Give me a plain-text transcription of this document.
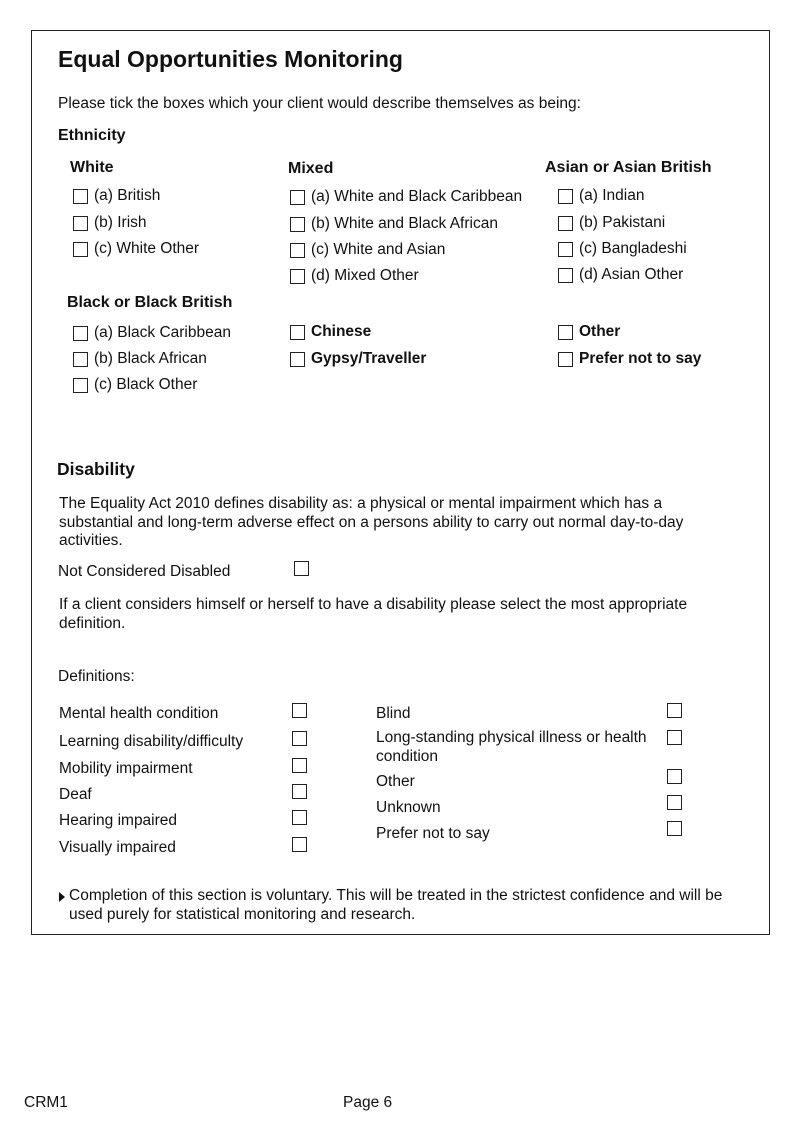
Equal Opportunities Monitoring
Please tick the boxes which your client would describe themselves as being:
Ethnicity
White	Mixed	Asian or Asian British
(a) British
(b) Irish
(c) White Other
(a) White and Black Caribbean
(b) White and Black African
(c) White and Asian
(d) Mixed Other
(a) Indian
(b) Pakistani
(c) Bangladeshi
(d) Asian Other
Black or Black British
(a) Black Caribbean
(b) Black African
(c) Black Other
Chinese
Gypsy/Traveller
Other
Prefer not to say
Disability
The Equality Act 2010 defines disability as: a physical or mental impairment which has a substantial and long-term adverse effect on a persons ability to carry out normal day-to-day activities.
Not Considered Disabled
If a client considers himself or herself to have a disability please select the most appropriate definition.
Definitions:
Mental health condition
Learning disability/difficulty
Mobility impairment
Deaf
Hearing impaired
Visually impaired
Blind
Long-standing physical illness or health condition
Other
Unknown
Prefer not to say
Completion of this section is voluntary. This will be treated in the strictest confidence and will be used purely for statistical monitoring and research.
CRM1	Page 6
